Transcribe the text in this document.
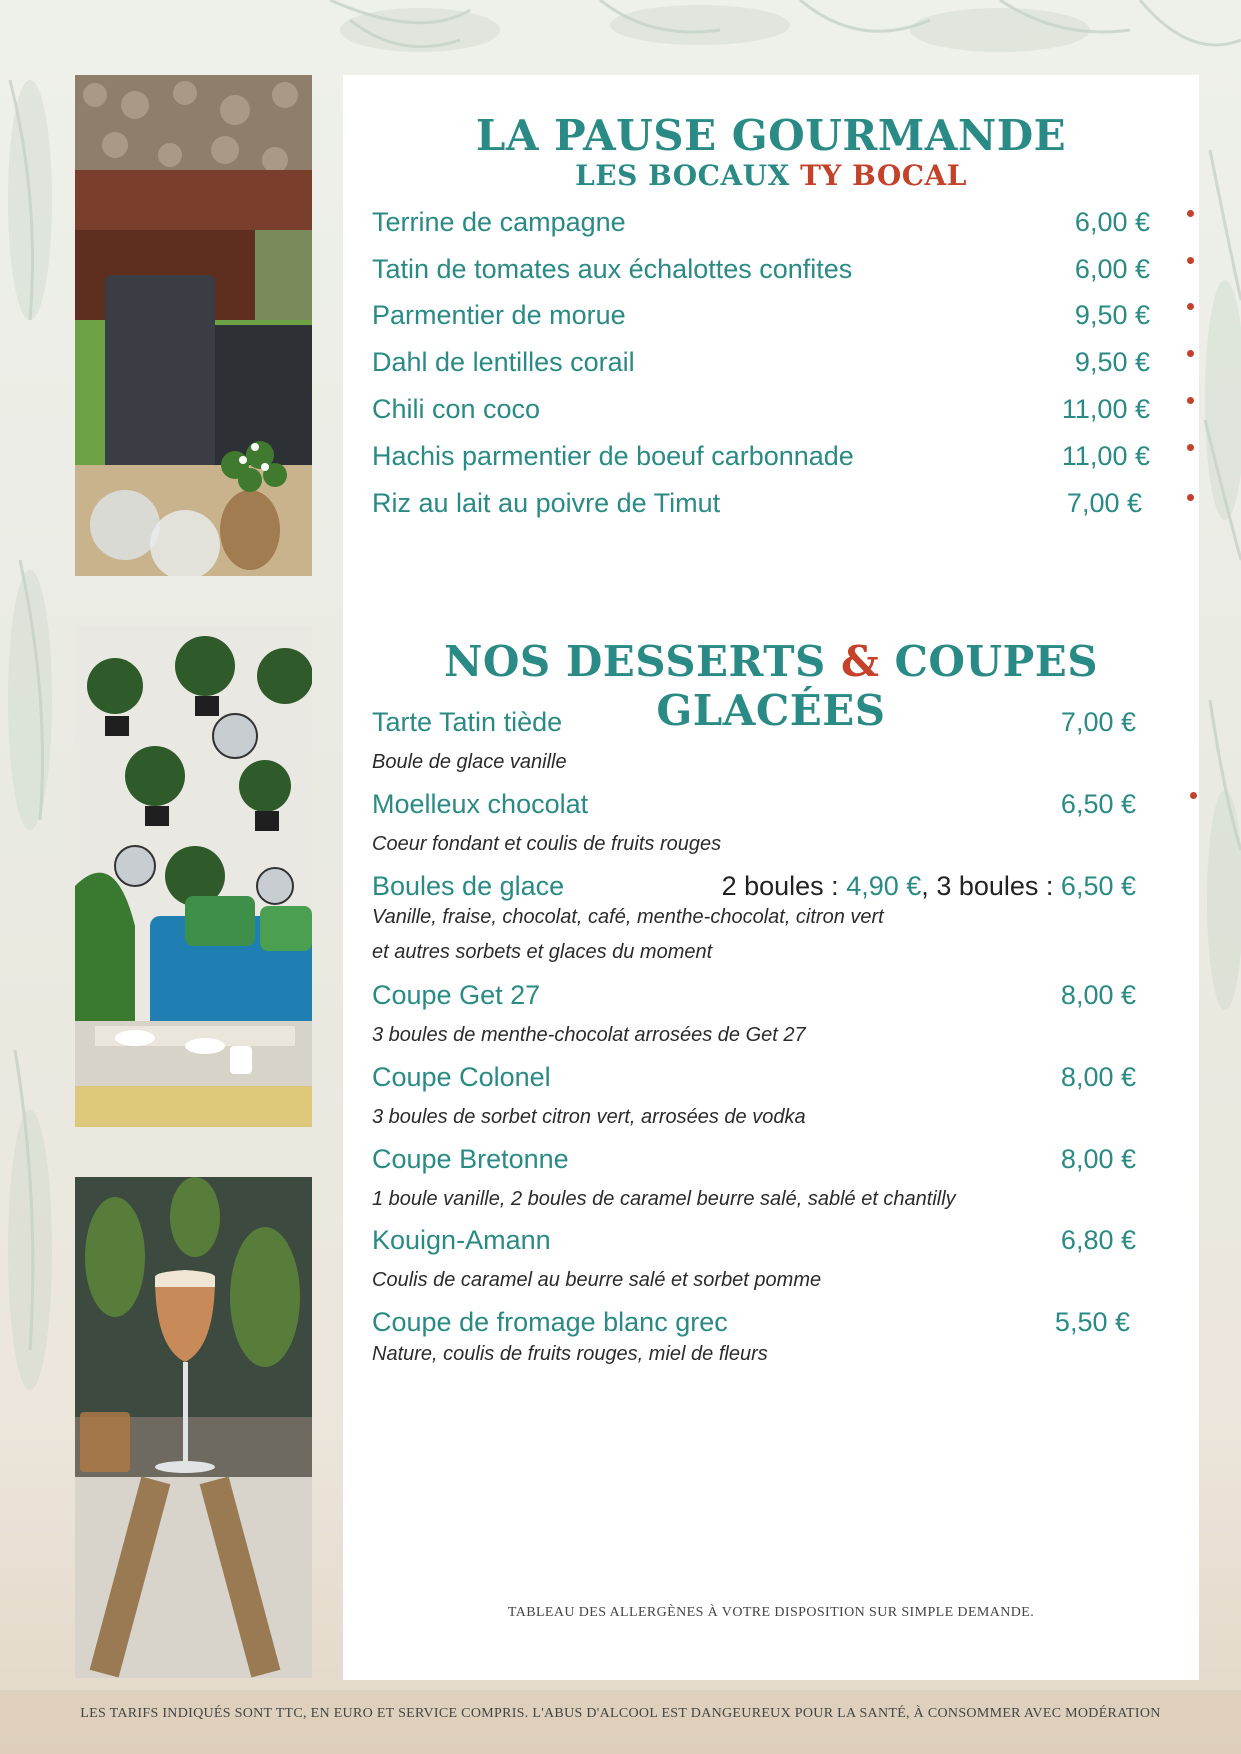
LA PAUSE GOURMANDE
LES BOCAUX TY BOCAL
Terrine de campagne	6,00 €
Tatin de tomates aux échalottes confites	6,00 €
Parmentier de morue	9,50 €
Dahl de lentilles corail	9,50 €
Chili con coco	11,00 €
Hachis parmentier de boeuf carbonnade	11,00 €
Riz au lait au poivre de Timut	7,00 €
NOS DESSERTS & COUPES GLACÉES
Tarte Tatin tiède	7,00 €
Boule de glace vanille
Moelleux chocolat	6,50 €
Coeur fondant et coulis de fruits rouges
Boules de glace	2 boules : 4,90 €, 3 boules : 6,50 €
Vanille, fraise, chocolat, café, menthe-chocolat, citron vert
et autres sorbets et glaces du moment
Coupe Get 27	8,00 €
3 boules de menthe-chocolat arrosées de Get 27
Coupe Colonel	8,00 €
3 boules de sorbet citron vert, arrosées de vodka
Coupe Bretonne	8,00 €
1 boule vanille, 2 boules de caramel beurre salé, sablé et chantilly
Kouign-Amann	6,80 €
Coulis de caramel au beurre salé et sorbet pomme
Coupe de fromage blanc grec	5,50 €
Nature, coulis de fruits rouges, miel de fleurs
TABLEAU DES ALLERGÈNES À VOTRE DISPOSITION SUR SIMPLE DEMANDE.
LES TARIFS INDIQUÉS SONT TTC, EN EURO ET SERVICE COMPRIS. L'ABUS D'ALCOOL EST DANGEUREUX POUR LA SANTÉ, À CONSOMMER AVEC MODÉRATION
